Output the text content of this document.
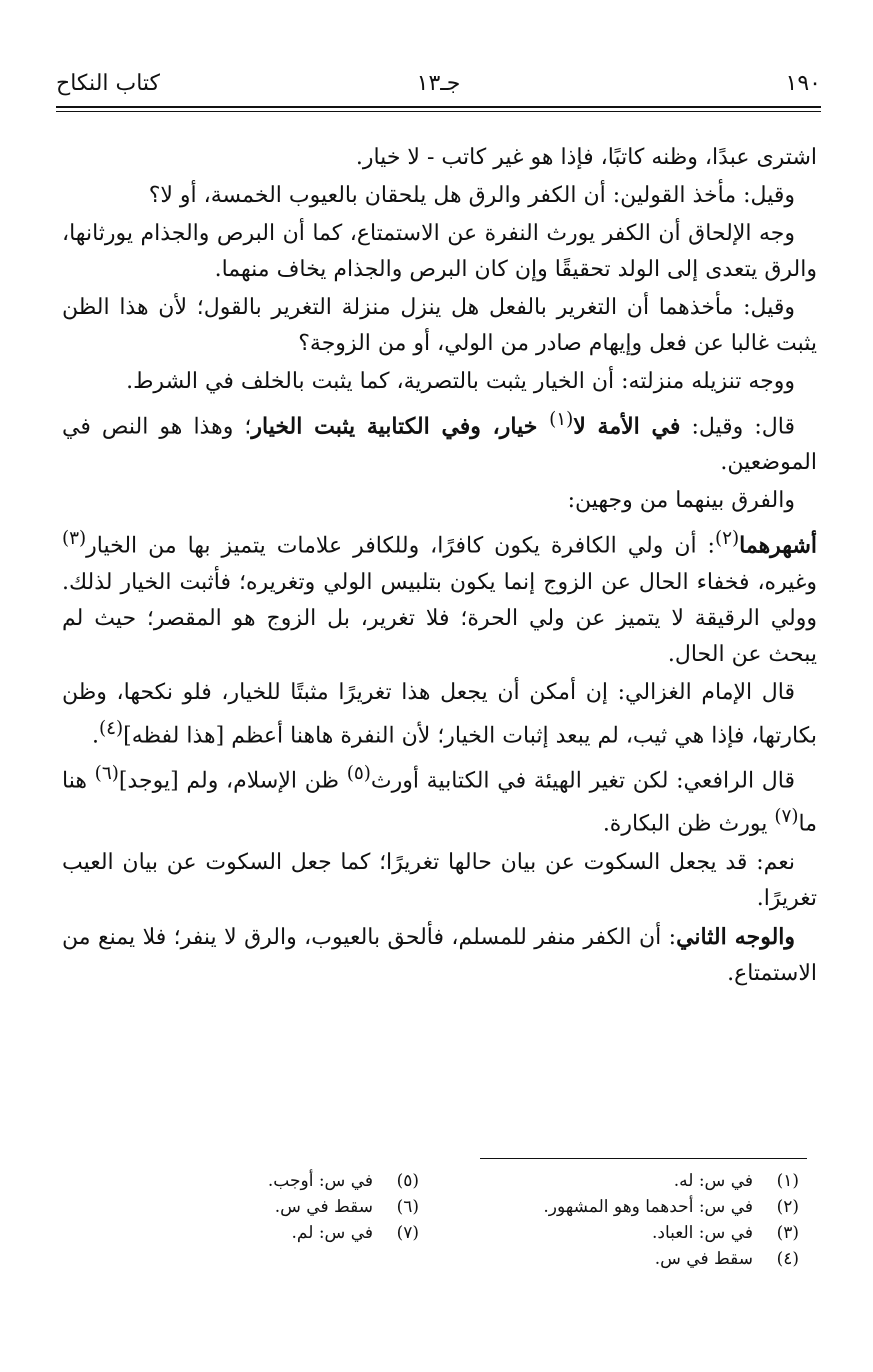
١٩٠
جـ١٣
كتاب النكاح

اشترى عبدًا، وظنه كاتبًا، فإذا هو غير كاتب - لا خيار.

وقيل: مأخذ القولين: أن الكفر والرق هل يلحقان بالعيوب الخمسة، أو لا؟

وجه الإلحاق أن الكفر يورث النفرة عن الاستمتاع، كما أن البرص والجذام يورثانها، والرق يتعدى إلى الولد تحقيقًا وإن كان البرص والجذام يخاف منهما.

وقيل: مأخذهما أن التغرير بالفعل هل ينزل منزلة التغرير بالقول؛ لأن هذا الظن يثبت غالبا عن فعل وإيهام صادر من الولي، أو من الزوجة؟

ووجه تنزيله منزلته: أن الخيار يثبت بالتصرية، كما يثبت بالخلف في الشرط.

قال: وقيل: في الأمة لا$^{(١)}$ خيار، وفي الكتابية يثبت الخيار؛ وهذا هو النص في الموضعين.

والفرق بينهما من وجهين:

أشهرهما$^{(٢)}$: أن ولي الكافرة يكون كافرًا، وللكافر علامات يتميز بها من الخيار$^{(٣)}$ وغيره، فخفاء الحال عن الزوج إنما يكون بتلبيس الولي وتغريره؛ فأثبت الخيار لذلك. وولي الرقيقة لا يتميز عن ولي الحرة؛ فلا تغرير، بل الزوج هو المقصر؛ حيث لم يبحث عن الحال.

قال الإمام الغزالي: إن أمكن أن يجعل هذا تغريرًا مثبتًا للخيار، فلو نكحها، وظن بكارتها، فإذا هي ثيب، لم يبعد إثبات الخيار؛ لأن النفرة هاهنا أعظم [هذا لفظه]$^{(٤)}$.

قال الرافعي: لكن تغير الهيئة في الكتابية أورث$^{(٥)}$ ظن الإسلام، ولم [يوجد]$^{(٦)}$ هنا ما$^{(٧)}$ يورث ظن البكارة.

نعم: قد يجعل السكوت عن بيان حالها تغريرًا؛ كما جعل السكوت عن بيان العيب تغريرًا.

والوجه الثاني: أن الكفر منفر للمسلم، فألحق بالعيوب، والرق لا ينفر؛ فلا يمنع من الاستمتاع.

(١)في س: له.
(٢)في س: أحدهما وهو المشهور.
(٣)في س: العباد.
(٤)سقط في س.
(٥)في س: أوجب.
(٦)سقط في س.
(٧)في س: لم.
